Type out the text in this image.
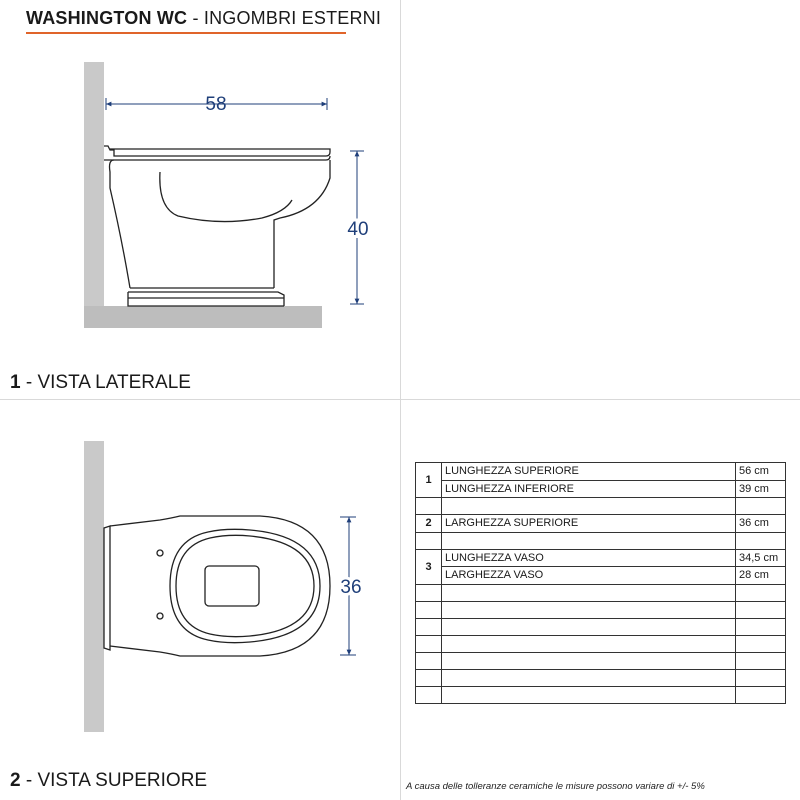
WASHINGTON WC - INGOMBRI ESTERNI
58
40
36
1 - VISTA LATERALE
2 - VISTA SUPERIORE
1	LUNGHEZZA SUPERIORE	56 cm
	LUNGHEZZA INFERIORE	39 cm

2	LARGHEZZA SUPERIORE	36 cm

3	LUNGHEZZA VASO	34,5 cm
	LARGHEZZA VASO	28 cm

A causa delle tolleranze ceramiche le misure possono variare di +/- 5%
